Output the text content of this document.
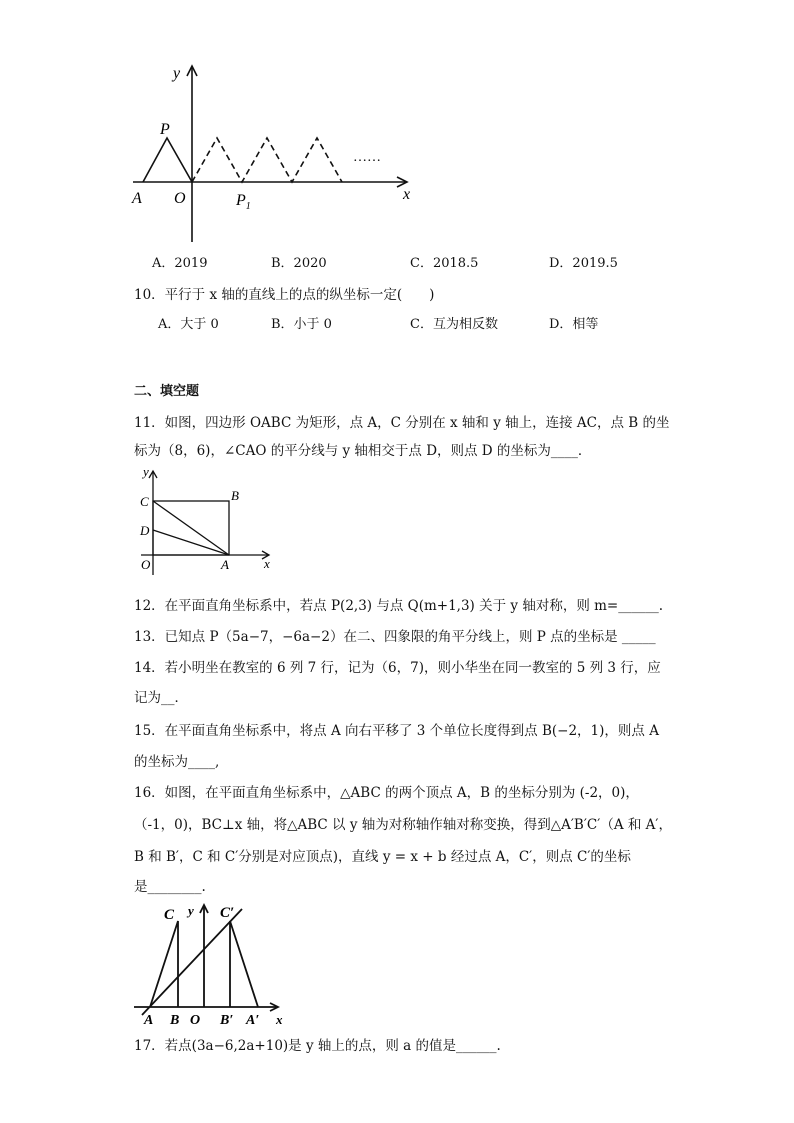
……
y
x
P
A O	$P_1$
A．2019	B．2020	C．2018.5	D．2019.5
10．平行于 x 轴的直线上的点的纵坐标一定(　　)
A．大于 0	B．小于 0	C．互为相反数	D．相等
二、填空题
11．如图，四边形 OABC 为矩形，点 A，C 分别在 x 轴和 y 轴上，连接 AC，点 B 的坐
标为（8，6)，∠CAO 的平分线与 y 轴相交于点 D，则点 D 的坐标为____．
y
C	B
D
O	A	x
12．在平面直角坐标系中，若点 P(2,3) 与点 Q(m+1,3) 关于 y 轴对称，则 m=______.
13．已知点 P（5a−7，−6a−2）在二、四象限的角平分线上，则 P 点的坐标是 _____
14．若小明坐在教室的 6 列 7 行，记为（6，7)，则小华坐在同一教室的 5 列 3 行，应
记为__．
15．在平面直角坐标系中，将点 A 向右平移了 3 个单位长度得到点 B(−2，1)，则点 A
的坐标为____,
16．如图，在平面直角坐标系中，△ABC 的两个顶点 A，B 的坐标分别为 (-2，0)，
（-1，0)，BC⊥x 轴，将△ABC 以 y 轴为对称轴作轴对称变换，得到△A′B′C′（A 和 A′，
B 和 B′，C 和 C′分别是对应顶点)，直线 y = x + b 经过点 A，C′，则点 C′的坐标
是________.
C y C′
A B O B′ A′ x
17．若点(3a−6,2a+10)是 y 轴上的点，则 a 的值是______.
